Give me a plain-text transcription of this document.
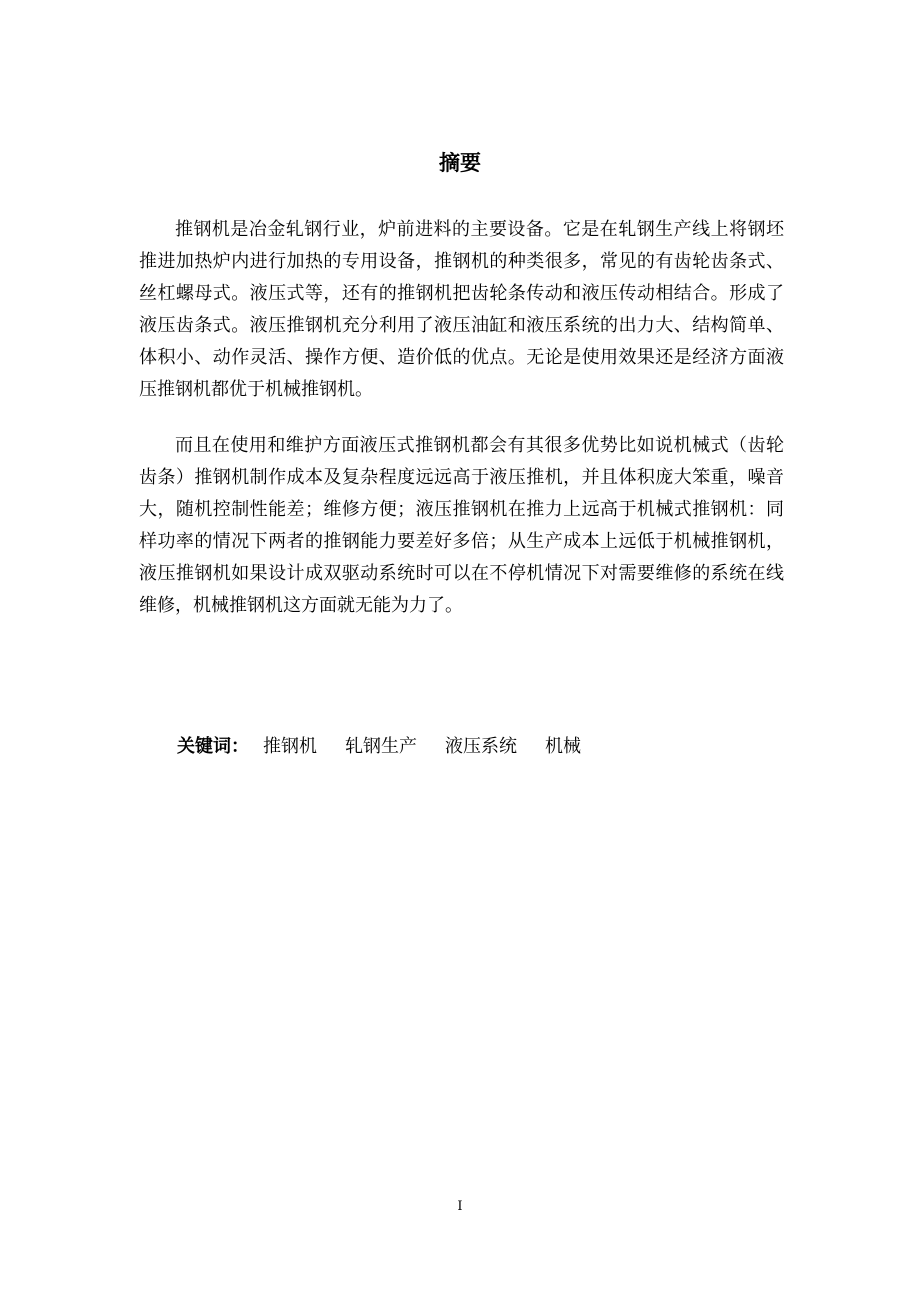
摘要

推钢机是冶金轧钢行业，炉前进料的主要设备。它是在轧钢生产线上将钢坯推进加热炉内进行加热的专用设备，推钢机的种类很多，常见的有齿轮齿条式、丝杠螺母式。液压式等，还有的推钢机把齿轮条传动和液压传动相结合。形成了液压齿条式。液压推钢机充分利用了液压油缸和液压系统的出力大、结构简单、体积小、动作灵活、操作方便、造价低的优点。无论是使用效果还是经济方面液压推钢机都优于机械推钢机。

而且在使用和维护方面液压式推钢机都会有其很多优势比如说机械式（齿轮齿条）推钢机制作成本及复杂程度远远高于液压推机，并且体积庞大笨重，噪音大，随机控制性能差；维修方便；液压推钢机在推力上远高于机械式推钢机：同样功率的情况下两者的推钢能力要差好多倍；从生产成本上远低于机械推钢机，液压推钢机如果设计成双驱动系统时可以在不停机情况下对需要维修的系统在线维修，机械推钢机这方面就无能为力了。

关键词： 推钢机 轧钢生产 液压系统 机械

I
